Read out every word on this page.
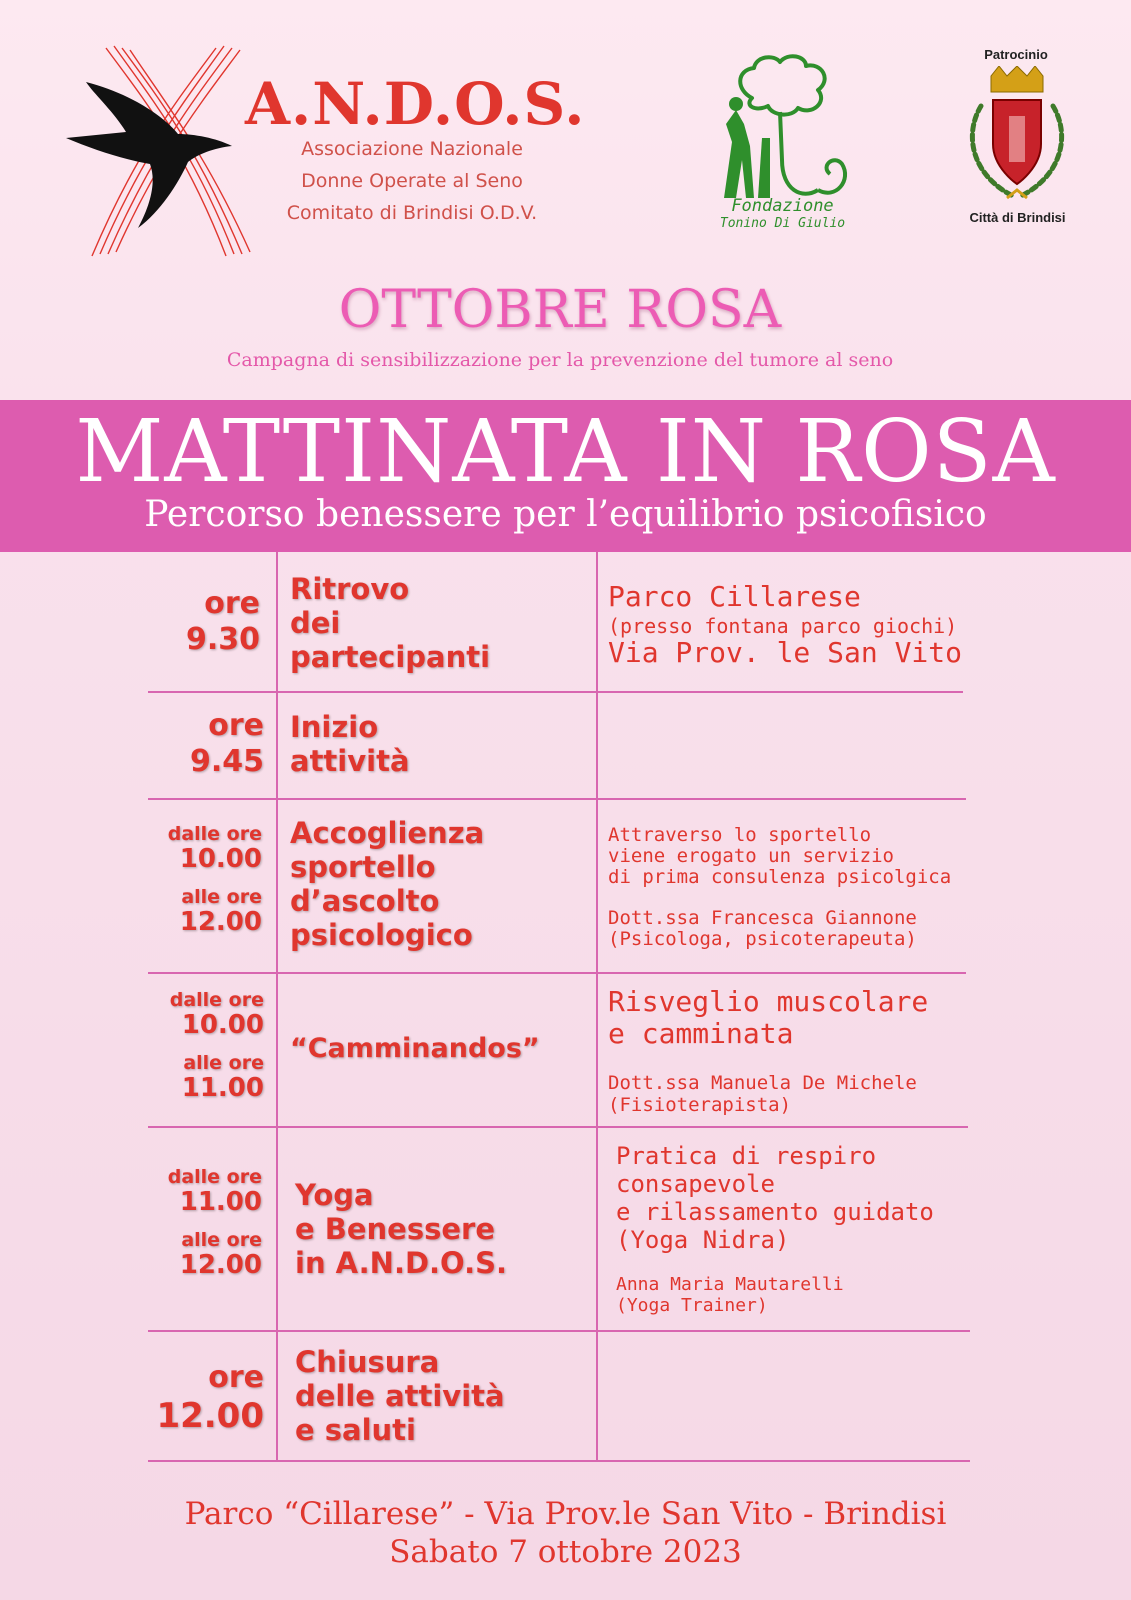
A.N.D.O.S.
Associazione Nazionale
Donne Operate al Seno
Comitato di Brindisi O.D.V.	Fondazione
Tonino Di Giulio
Patrocinio
Città di Brindisi
OTTOBRE ROSA
Campagna di sensibilizzazione per la prevenzione del tumore al seno
MATTINATA IN ROSA
Percorso benessere per l’equilibrio psicofisico
ore
9.30
Ritrovo
dei
partecipanti
Parco Cillarese
(presso fontana parco giochi)
Via Prov. le San Vito
ore
9.45
Inizio
attività
dalle ore
10.00
alle ore
12.00
Accoglienza
sportello
d’ascolto
psicologico
Attraverso lo sportello
viene erogato un servizio
di prima consulenza psicolgica
Dott.ssa Francesca Giannone
(Psicologa, psicoterapeuta)
dalle ore
10.00
alle ore
11.00
“Camminandos”
Risveglio muscolare
e camminata
Dott.ssa Manuela De Michele
(Fisioterapista)
dalle ore
11.00
alle ore
12.00
Yoga
e Benessere
in A.N.D.O.S.
Pratica di respiro
consapevole
e rilassamento guidato
(Yoga Nidra)
Anna Maria Mautarelli
(Yoga Trainer)
ore
12.00
Chiusura
delle attività
e saluti
Parco “Cillarese” - Via Prov.le San Vito - Brindisi
Sabato 7 ottobre 2023
